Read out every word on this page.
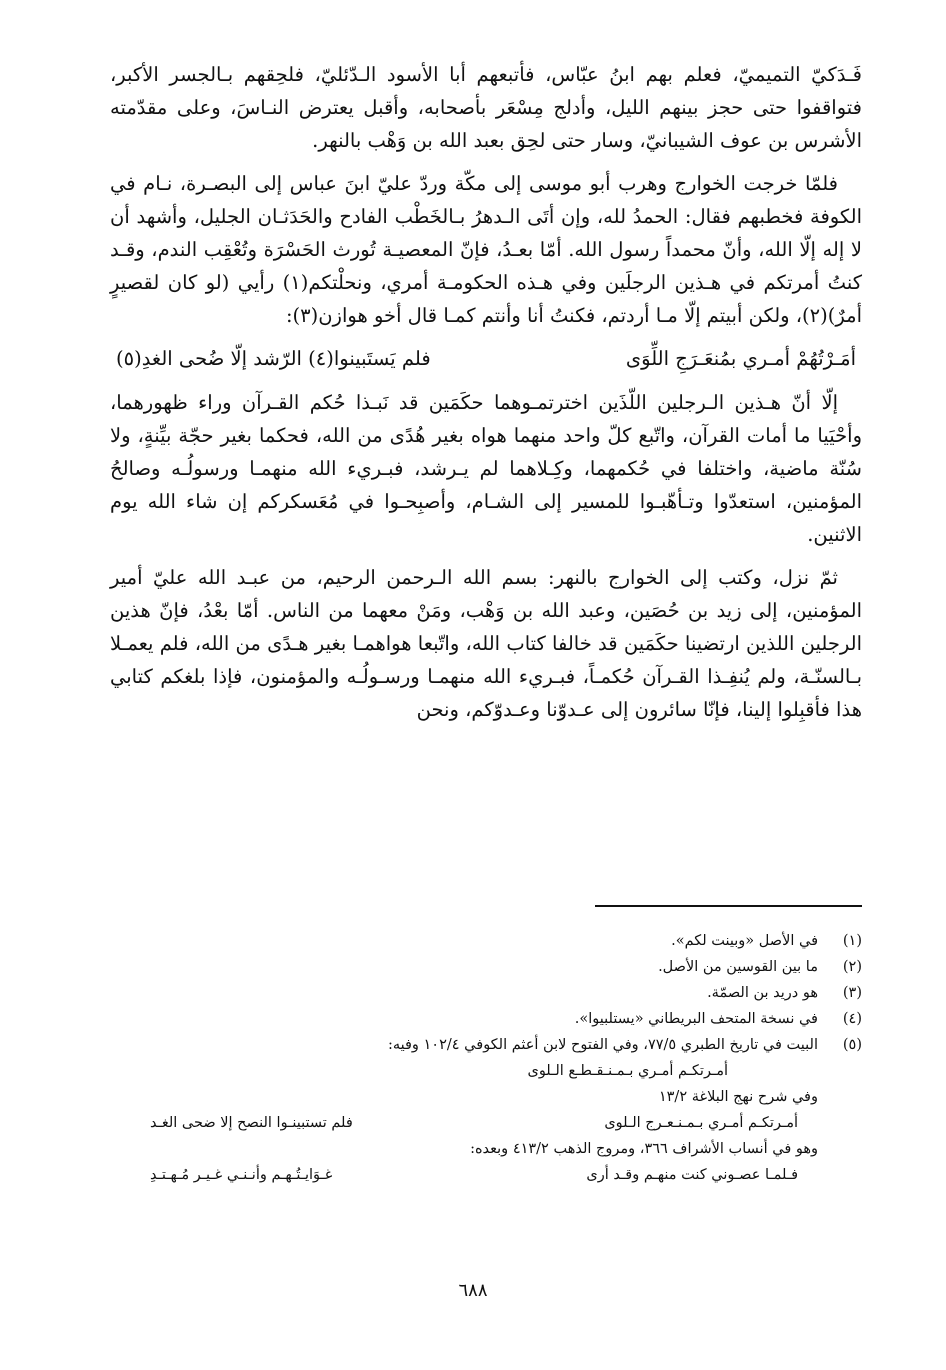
فَـدَكيّ التميميّ، فعلم بهم ابنُ عبّاس، فأتبعهم أبا الأسود الـدّئليّ، فلحِقهم بـالجسر الأكبر، فتواقفوا حتى حجز بينهم الليل، وأدلج مِسْعَر بأصحابه، وأقبل يعترض النـاسَ، وعلى مقدّمته الأشرس بن عوف الشيبانيّ، وسار حتى لحِق بعبد الله بن وَهْب بالنهر.

فلمّا خرجت الخوارج وهرب أبو موسى إلى مكّة وردّ عليّ ابنَ عباس إلى البصـرة، نـام في الكوفة فخطبهم فقال: الحمدُ لله، وإن أتَى الـدهرُ بـالخَطْب الفادح والحَدَثـان الجليل، وأشهد أن لا إله إلّا الله، وأنّ محمداً رسول الله. أمّا بعـدُ، فإنّ المعصيـة تُورث الحَسْرَة وتُعْقِب الندم، وقـد كنتُ أمرتكم في هـذين الرجلَين وفي هـذه الحكومـة أمري، ونحلْتكم(١) رأيي (لو كان لقصيرٍ أمرٌ)(٢)، ولكن أبيتم إلّا مـا أردتم، فكنتُ أنا وأنتم كمـا قال أخو هوازن(٣):

أمَـرْتُهُمْ أمـري بمُنعَـرَجِ اللِّوَى
فلم يَستَبينوا(٤) الرّشد إلّا ضُحى الغدِ(٥)

إلّا أنّ هـذين الـرجلين اللّذَين اخترتمـوهما حكَمَين قد نَبـذا حُكم القـرآن وراء ظهورهما، وأحْيَيا ما أمات القرآن، واتّبع كلّ واحد منهما هواه بغير هُدًى من الله، فحكما بغير حجّة بيِّنةٍ، ولا سُنّة ماضية، واختلفا في حُكمهما، وكِـلاهما لم يـرشد، فبـريء الله منهمـا ورسولُـه وصالحُ المؤمنين، استعدّوا وتـأهّبـوا للمسير إلى الشـام، وأصبِحـوا في مُعَسكركم إن شاء الله يوم الاثنين.

ثمّ نزل، وكتب إلى الخوارج بالنهر: بسم الله الـرحمن الرحيم، من عبـد الله عليّ أمير المؤمنين، إلى زيد بن حُصَين، وعبد الله بن وَهْب، ومَنْ معهما من الناس. أمّا بعْدُ، فإنّ هذين الرجلين اللذين ارتضينا حكَمَين قد خالفا كتاب الله، واتّبعا هواهمـا بغير هـدًى من الله، فلم يعمـلا بـالسنّـة، ولم يُنفِـذا القـرآن حُكمـاً، فبـريء الله منهمـا ورسـولُـه والمؤمنون، فإذا بلغكم كتابي هذا فأقبِلوا إلينا، فإنّا سائرون إلى عـدوّنا وعـدوّكم، ونحن

(١)
في الأصل «وبينت لكم».
(٢)
ما بين القوسين من الأصل.
(٣)
هو دريد بن الصمّة.
(٤)
في نسخة المتحف البريطاني «يستلبيوا».
(٥)
البيت في تاريخ الطبري ٧٧/٥، وفي الفتوح لابن أعثم الكوفي ١٠٢/٤ وفيه:
أمـرتكـم أمـري بـمـنـقـطـع الـلوى
وفي شرح نهج البلاغة ١٣/٢
أمـرتكـم أمـري بـمـنـعـرج الـلوى
فلم تستبينـوا النصح إلا ضحى الغـد
وهو في أنساب الأشراف ٣٦٦، ومروج الذهب ٤١٣/٢ وبعده:
فـلمـا عصـوني كنت منهـم وقـد أرى
غـوَايـتُـهـم وأنـنـي غـيـر مُـهـتـدِ
٦٨٨
